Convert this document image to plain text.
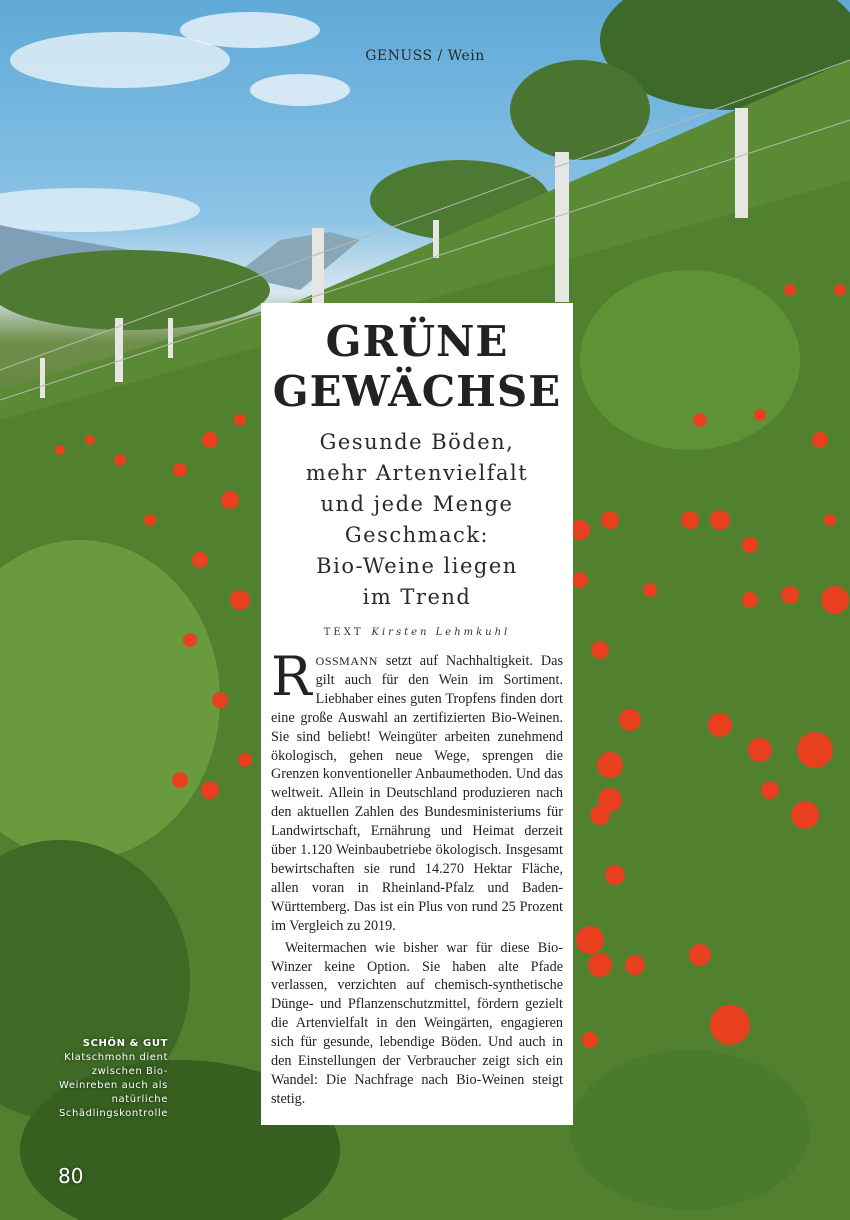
GENUSS / Wein
GRÜNE
GEWÄCHSE

Gesunde Böden,
mehr Artenvielfalt
und jede Menge
Geschmack:
Bio-Weine liegen
im Trend

TEXT Kirsten Lehmkuhl

ROSSMANN setzt auf Nachhaltigkeit. Das gilt auch für den Wein im Sortiment. Liebhaber eines guten Tropfens finden dort eine große Auswahl an zertifizierten Bio-Weinen. Sie sind beliebt! Weingüter arbeiten zunehmend ökologisch, gehen neue Wege, sprengen die Grenzen konventioneller Anbaumethoden. Und das weltweit. Allein in Deutschland produzieren nach den aktuellen Zahlen des Bundesministeriums für Landwirtschaft, Ernährung und Heimat derzeit über 1.120 Weinbaubetriebe ökologisch. Insgesamt bewirtschaften sie rund 14.270 Hektar Fläche, allen voran in Rheinland-Pfalz und Baden-Württemberg. Das ist ein Plus von rund 25 Prozent im Vergleich zu 2019.

Weitermachen wie bisher war für diese Bio-Winzer keine Option. Sie haben alte Pfade verlassen, verzichten auf chemisch-synthetische Dünge- und Pflanzenschutzmittel, fördern gezielt die Artenvielfalt in den Weingärten, engagieren sich für gesunde, lebendige Böden. Und auch in den Einstellungen der Verbraucher zeigt sich ein Wandel: Die Nachfrage nach Bio-Weinen steigt stetig.

SCHÖN & GUT
Klatschmohn dient
zwischen Bio-
Weinreben auch als
natürliche
Schädlingskontrolle
80
